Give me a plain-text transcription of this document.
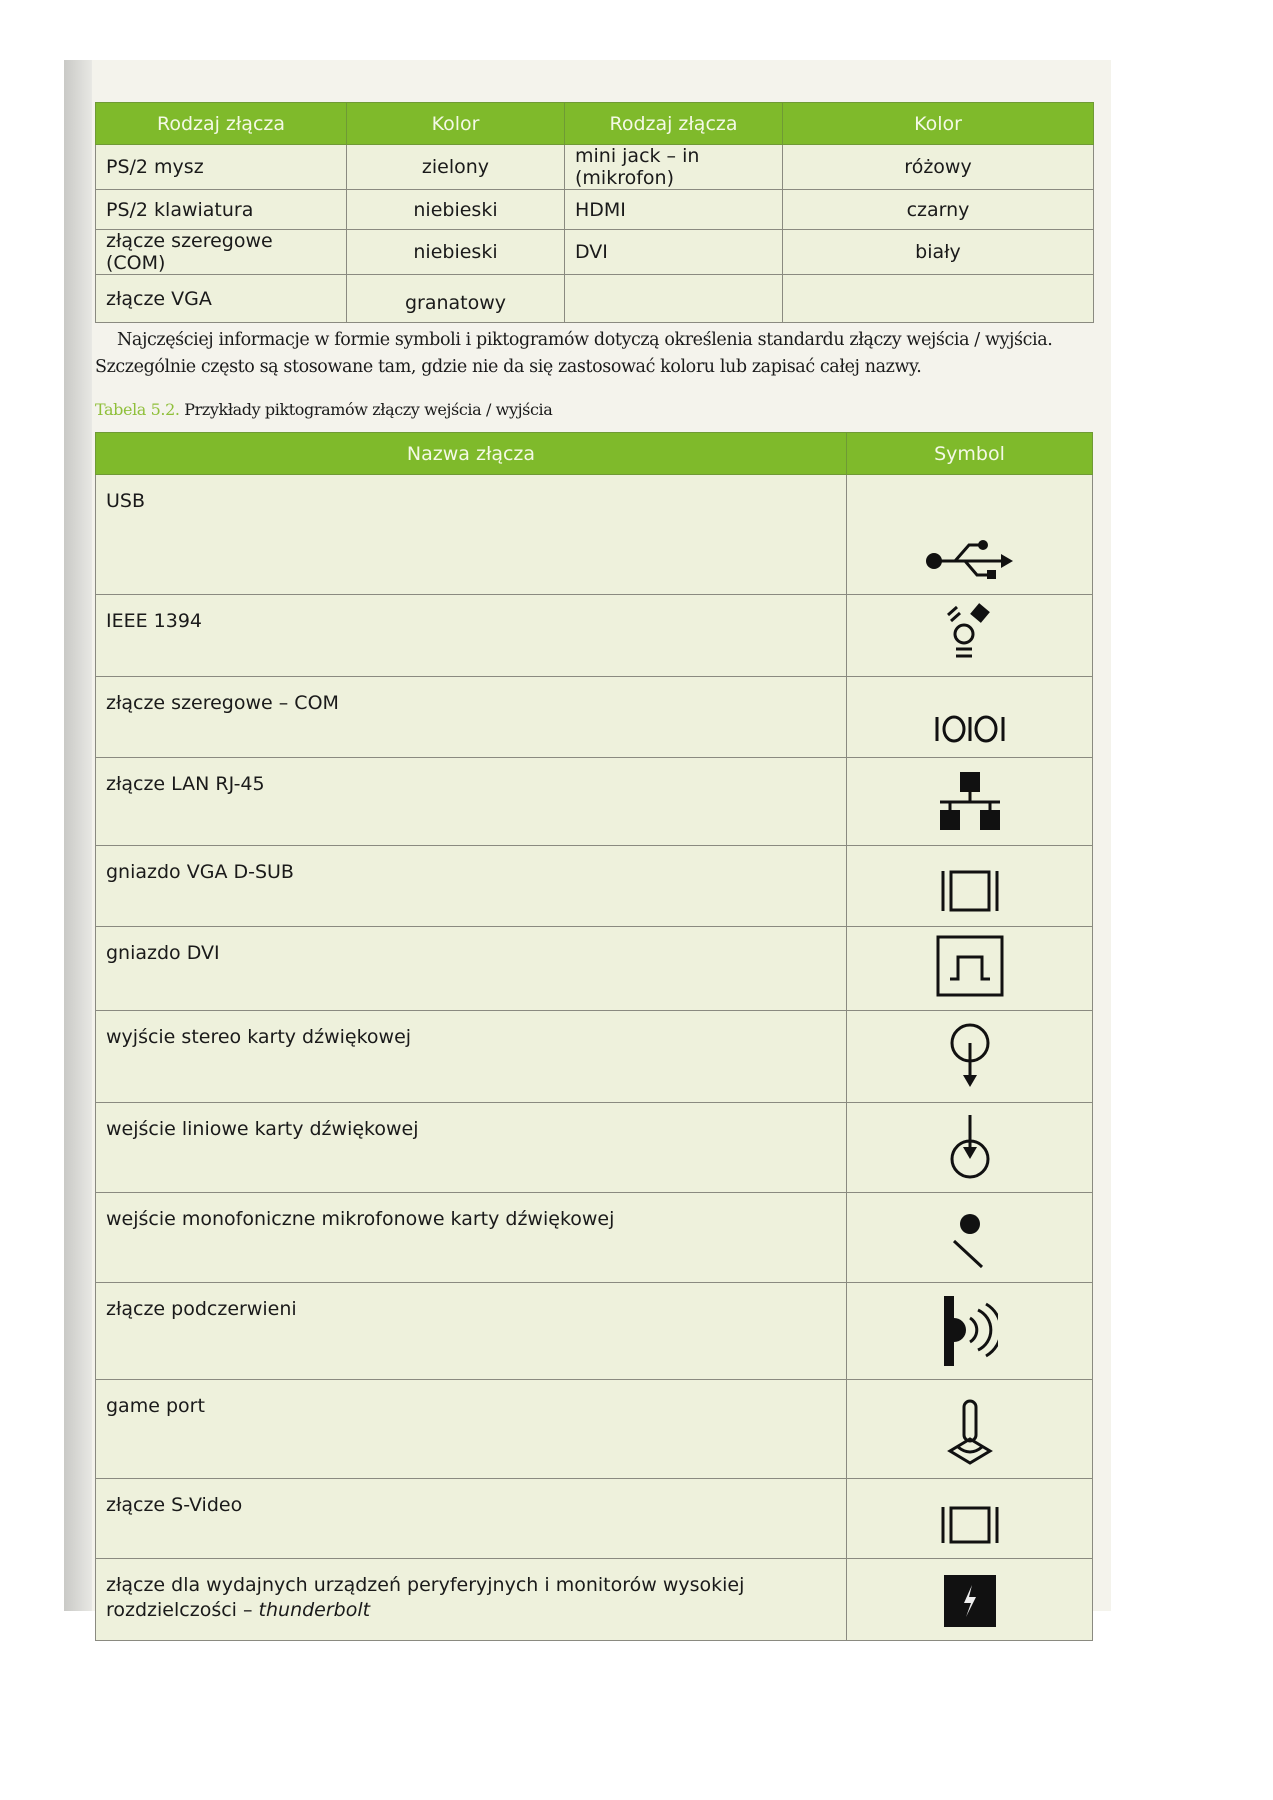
Rodzaj złącza	Kolor	Rodzaj złącza	Kolor
PS/2 mysz	zielony	mini jack – in (mikrofon)	różowy
PS/2 klawiatura	niebieski	HDMI	czarny
złącze szeregowe (COM)	niebieski	DVI	biały
złącze VGA	granatowy		
Najczęściej informacje w formie symboli i piktogramów dotyczą określenia standardu złączy wejścia / wyjścia. Szczególnie często są stosowane tam, gdzie nie da się zastosować koloru lub zapisać całej nazwy.
Tabela 5.2. Przykłady piktogramów złączy wejścia / wyjścia
Nazwa złącza	Symbol
USB	
IEEE 1394	
złącze szeregowe – COM	
złącze LAN RJ-45	
gniazdo VGA D-SUB	
gniazdo DVI	
wyjście stereo karty dźwiękowej	
wejście liniowe karty dźwiękowej	
wejście monofoniczne mikrofonowe karty dźwiękowej	
złącze podczerwieni	
game port	
złącze S-Video	
złącze dla wydajnych urządzeń peryferyjnych i monitorów wysokiej rozdzielczości – thunderbolt	
